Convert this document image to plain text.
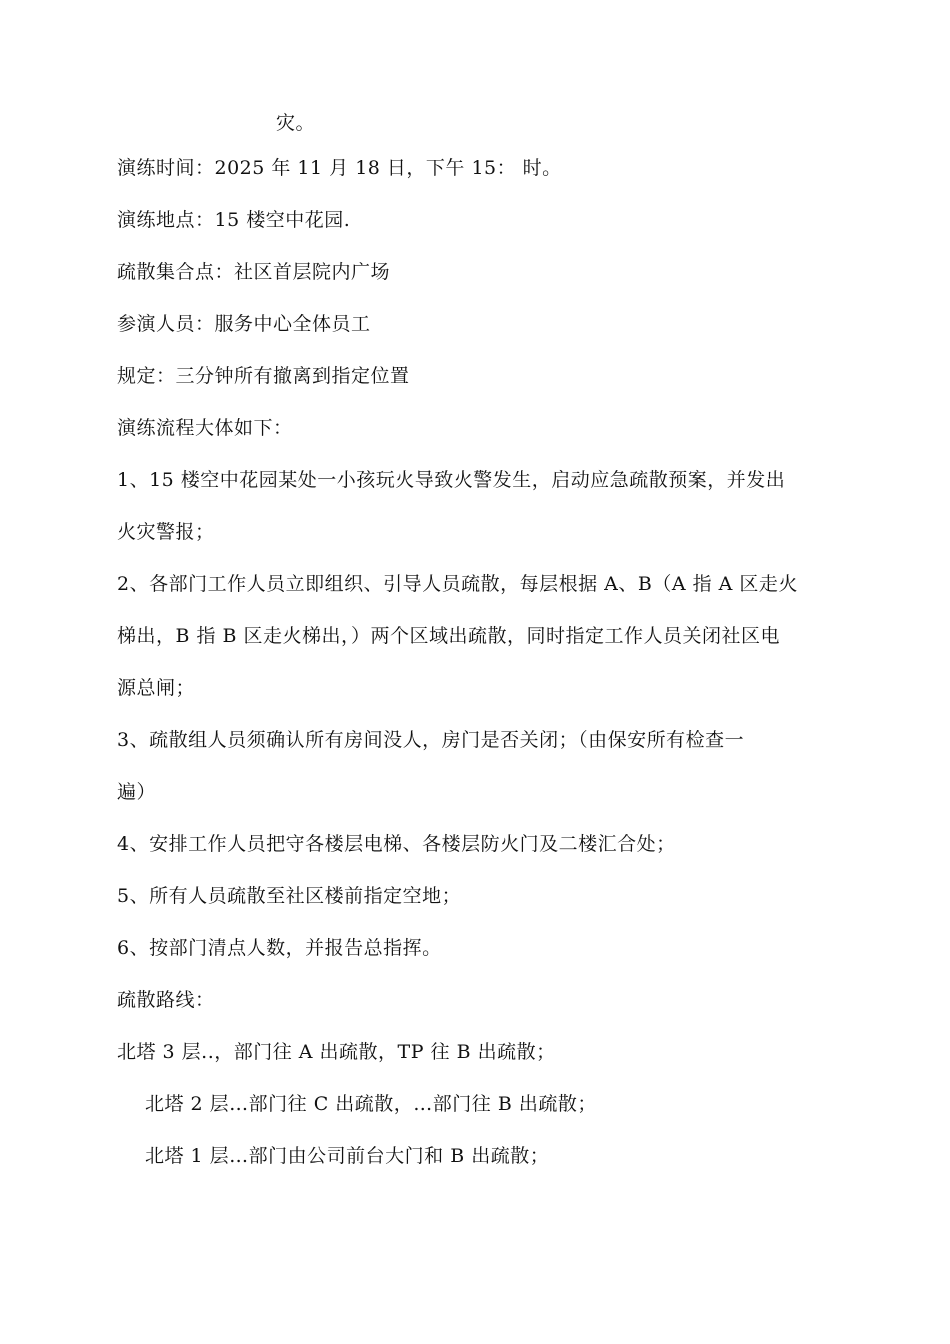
灾。
演练时间：2025 年 11 月 18 日，下午 15： 时。
演练地点：15 楼空中花园.
疏散集合点：社区首层院内广场
参演人员：服务中心全体员工
规定：三分钟所有撤离到指定位置
演练流程大体如下：
1、15 楼空中花园某处一小孩玩火导致火警发生，启动应急疏散预案，并发出
火灾警报；
2、各部门工作人员立即组织、引导人员疏散，每层根据 A、B（A 指 A 区走火
梯出，B 指 B 区走火梯出，）两个区域出疏散，同时指定工作人员关闭社区电
源总闸；
3、疏散组人员须确认所有房间没人，房门是否关闭；（由保安所有检查一
遍）
4、安排工作人员把守各楼层电梯、各楼层防火门及二楼汇合处；
5、所有人员疏散至社区楼前指定空地；
6、按部门清点人数，并报告总指挥。
疏散路线：
北塔 3 层..，部门往 A 出疏散，TP 往 B 出疏散；
北塔 2 层…部门往 C 出疏散，…部门往 B 出疏散；
北塔 1 层…部门由公司前台大门和 B 出疏散；
